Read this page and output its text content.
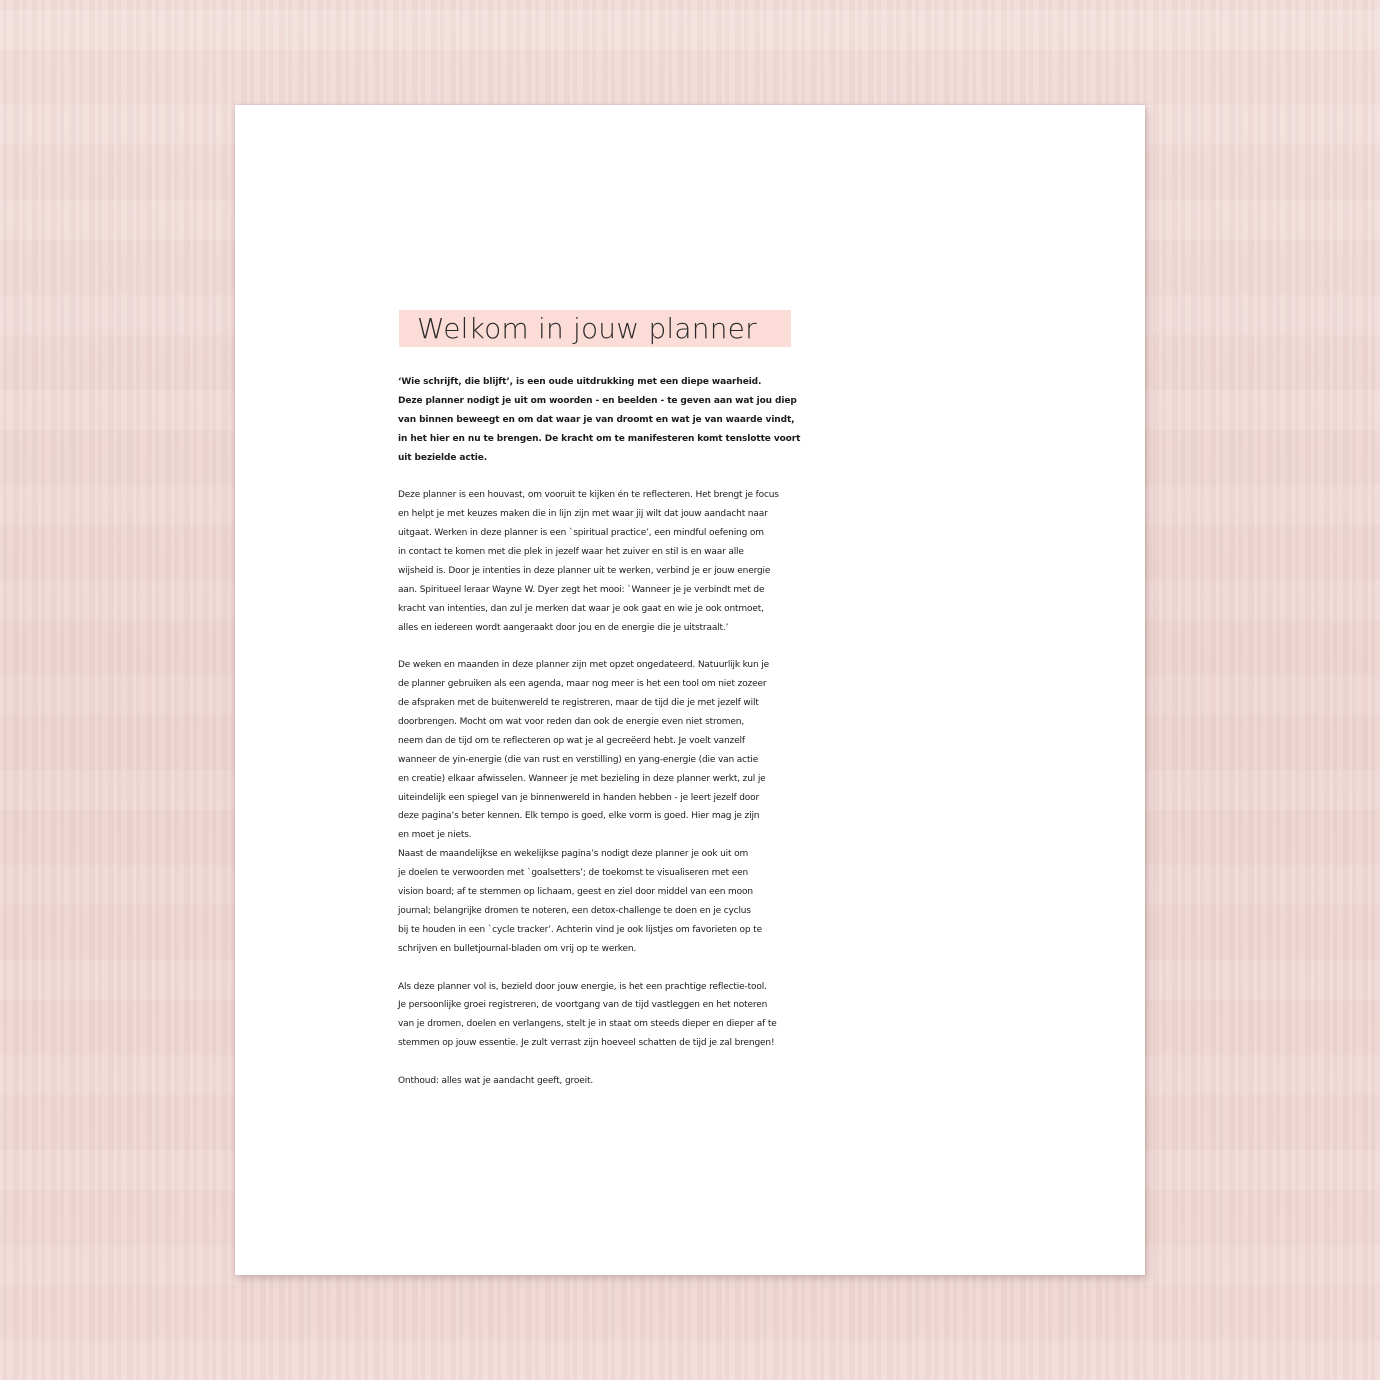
Welkom in jouw planner
‘Wie schrijft, die blijft’, is een oude uitdrukking met een diepe waarheid.
Deze planner nodigt je uit om woorden - en beelden - te geven aan wat jou diep
van binnen beweegt en om dat waar je van droomt en wat je van waarde vindt,
in het hier en nu te brengen. De kracht om te manifesteren komt tenslotte voort
uit bezielde actie.
Deze planner is een houvast, om vooruit te kijken én te reflecteren. Het brengt je focus
en helpt je met keuzes maken die in lijn zijn met waar jij wilt dat jouw aandacht naar
uitgaat. Werken in deze planner is een `spiritual practice’, een mindful oefening om
in contact te komen met die plek in jezelf waar het zuiver en stil is en waar alle
wijsheid is. Door je intenties in deze planner uit te werken, verbind je er jouw energie
aan. Spiritueel leraar Wayne W. Dyer zegt het mooi: `Wanneer je je verbindt met de
kracht van intenties, dan zul je merken dat waar je ook gaat en wie je ook ontmoet,
alles en iedereen wordt aangeraakt door jou en de energie die je uitstraalt.’
De weken en maanden in deze planner zijn met opzet ongedateerd. Natuurlijk kun je
de planner gebruiken als een agenda, maar nog meer is het een tool om niet zozeer
de afspraken met de buitenwereld te registreren, maar de tijd die je met jezelf wilt
doorbrengen. Mocht om wat voor reden dan ook de energie even niet stromen,
neem dan de tijd om te reflecteren op wat je al gecreëerd hebt. Je voelt vanzelf
wanneer de yin-energie (die van rust en verstilling) en yang-energie (die van actie
en creatie) elkaar afwisselen. Wanneer je met bezieling in deze planner werkt, zul je
uiteindelijk een spiegel van je binnenwereld in handen hebben - je leert jezelf door
deze pagina’s beter kennen. Elk tempo is goed, elke vorm is goed. Hier mag je zijn
en moet je niets.
Naast de maandelijkse en wekelijkse pagina’s nodigt deze planner je ook uit om
je doelen te verwoorden met `goalsetters’; de toekomst te visualiseren met een
vision board; af te stemmen op lichaam, geest en ziel door middel van een moon
journal; belangrijke dromen te noteren, een detox-challenge te doen en je cyclus
bij te houden in een `cycle tracker’. Achterin vind je ook lijstjes om favorieten op te
schrijven en bulletjournal-bladen om vrij op te werken.
Als deze planner vol is, bezield door jouw energie, is het een prachtige reflectie-tool.
Je persoonlijke groei registreren, de voortgang van de tijd vastleggen en het noteren
van je dromen, doelen en verlangens, stelt je in staat om steeds dieper en dieper af te
stemmen op jouw essentie. Je zult verrast zijn hoeveel schatten de tijd je zal brengen!
Onthoud: alles wat je aandacht geeft, groeit.
